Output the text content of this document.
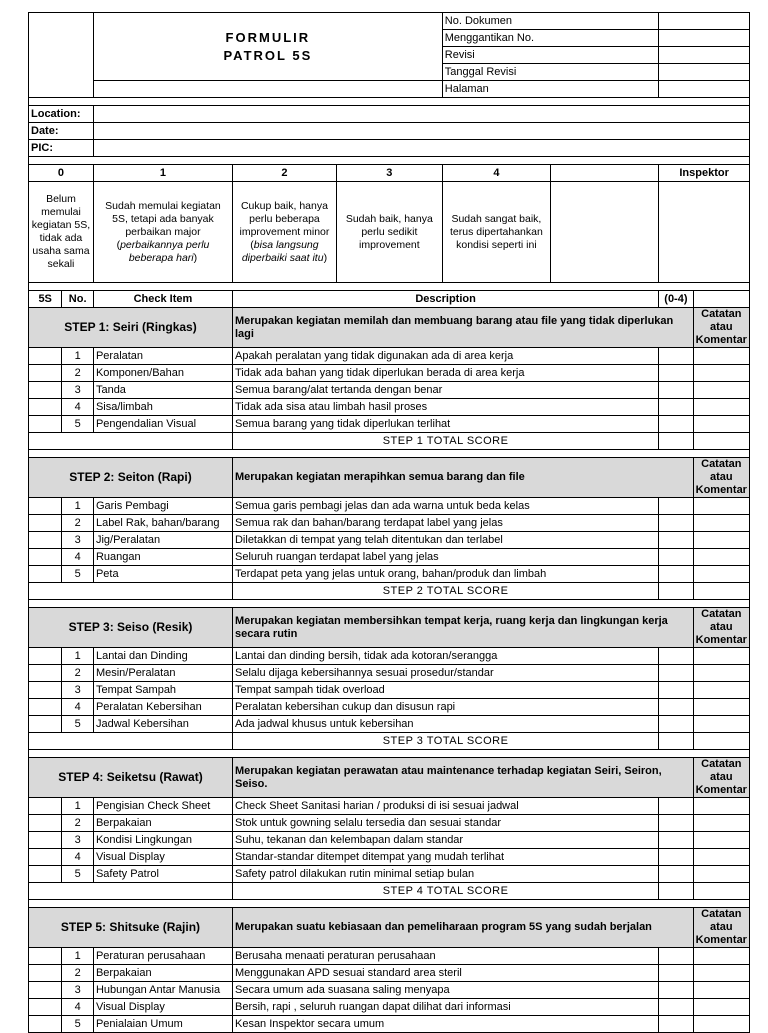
		FORMULIR
PATROL 5S			No. Dokumen			
					Menggantikan No.			
					Revisi			
					Tanggal Revisi			
					Halaman			

Location:								
Date:								
PIC:								

0		1	2	3	4		Inspektor	
Belum memulai kegiatan 5S, tidak ada usaha sama sekali		Sudah memulai kegiatan 5S, tetapi ada banyak perbaikan major (perbaikannya perlu beberapa hari)	Cukup baik, hanya perlu beberapa improvement minor (bisa langsung diperbaiki saat itu)	Sudah baik, hanya perlu sedikit improvement	Sudah sangat baik, terus dipertahankan kondisi seperti ini			

5S	No.	Check Item	Description				(0-4)	
STEP 1: Seiri (Ringkas)			Merupakan kegiatan memilah dan membuang barang atau file yang tidak diperlukan lagi					Catatan atau Komentar
	1	Peralatan	Apakah peralatan yang tidak digunakan ada di area kerja					
	2	Komponen/Bahan	Tidak ada bahan yang tidak diperlukan berada di area kerja					
	3	Tanda	Semua barang/alat tertanda dengan benar					
	4	Sisa/limbah	Tidak ada sisa atau limbah hasil proses					
	5	Pengendalian Visual	Semua barang yang tidak diperlukan terlihat					
			STEP 1 TOTAL SCORE					

STEP 2: Seiton (Rapi)			Merupakan kegiatan merapihkan semua barang dan file					Catatan atau Komentar
	1	Garis Pembagi	Semua garis pembagi jelas dan ada warna untuk beda kelas					
	2	Label Rak, bahan/barang	Semua rak dan bahan/barang terdapat label yang jelas					
	3	Jig/Peralatan	Diletakkan di tempat yang telah ditentukan dan terlabel					
	4	Ruangan	Seluruh ruangan terdapat label yang jelas					
	5	Peta	Terdapat peta yang jelas untuk orang, bahan/produk dan limbah					
			STEP 2 TOTAL SCORE					

STEP 3: Seiso (Resik)			Merupakan kegiatan membersihkan tempat kerja, ruang kerja dan lingkungan kerja secara rutin					Catatan atau Komentar
	1	Lantai dan Dinding	Lantai dan dinding bersih, tidak ada kotoran/serangga					
	2	Mesin/Peralatan	Selalu dijaga kebersihannya sesuai prosedur/standar					
	3	Tempat Sampah	Tempat sampah tidak overload					
	4	Peralatan Kebersihan	Peralatan kebersihan cukup dan disusun rapi					
	5	Jadwal Kebersihan	Ada jadwal khusus untuk kebersihan					
			STEP 3 TOTAL SCORE					

STEP 4: Seiketsu (Rawat)			Merupakan kegiatan perawatan atau maintenance terhadap kegiatan Seiri, Seiron, Seiso.					Catatan atau Komentar
	1	Pengisian Check Sheet	Check Sheet Sanitasi harian / produksi di isi sesuai jadwal					
	2	Berpakaian	Stok untuk gowning selalu tersedia dan sesuai standar					
	3	Kondisi Lingkungan	Suhu, tekanan dan kelembapan dalam standar					
	4	Visual Display	Standar-standar ditempet ditempat yang mudah terlihat					
	5	Safety Patrol	Safety patrol dilakukan rutin minimal setiap bulan					
			STEP 4 TOTAL SCORE					

STEP 5: Shitsuke (Rajin)			Merupakan suatu kebiasaan dan pemeliharaan program 5S yang sudah berjalan					Catatan atau Komentar
	1	Peraturan perusahaan	Berusaha menaati peraturan perusahaan					
	2	Berpakaian	Menggunakan APD sesuai standard area steril					
	3	Hubungan Antar Manusia	Secara umum ada suasana saling menyapa					
	4	Visual Display	Bersih, rapi , seluruh ruangan dapat dilihat dari informasi					
	5	Penialaian Umum	Kesan Inspektor secara umum					
